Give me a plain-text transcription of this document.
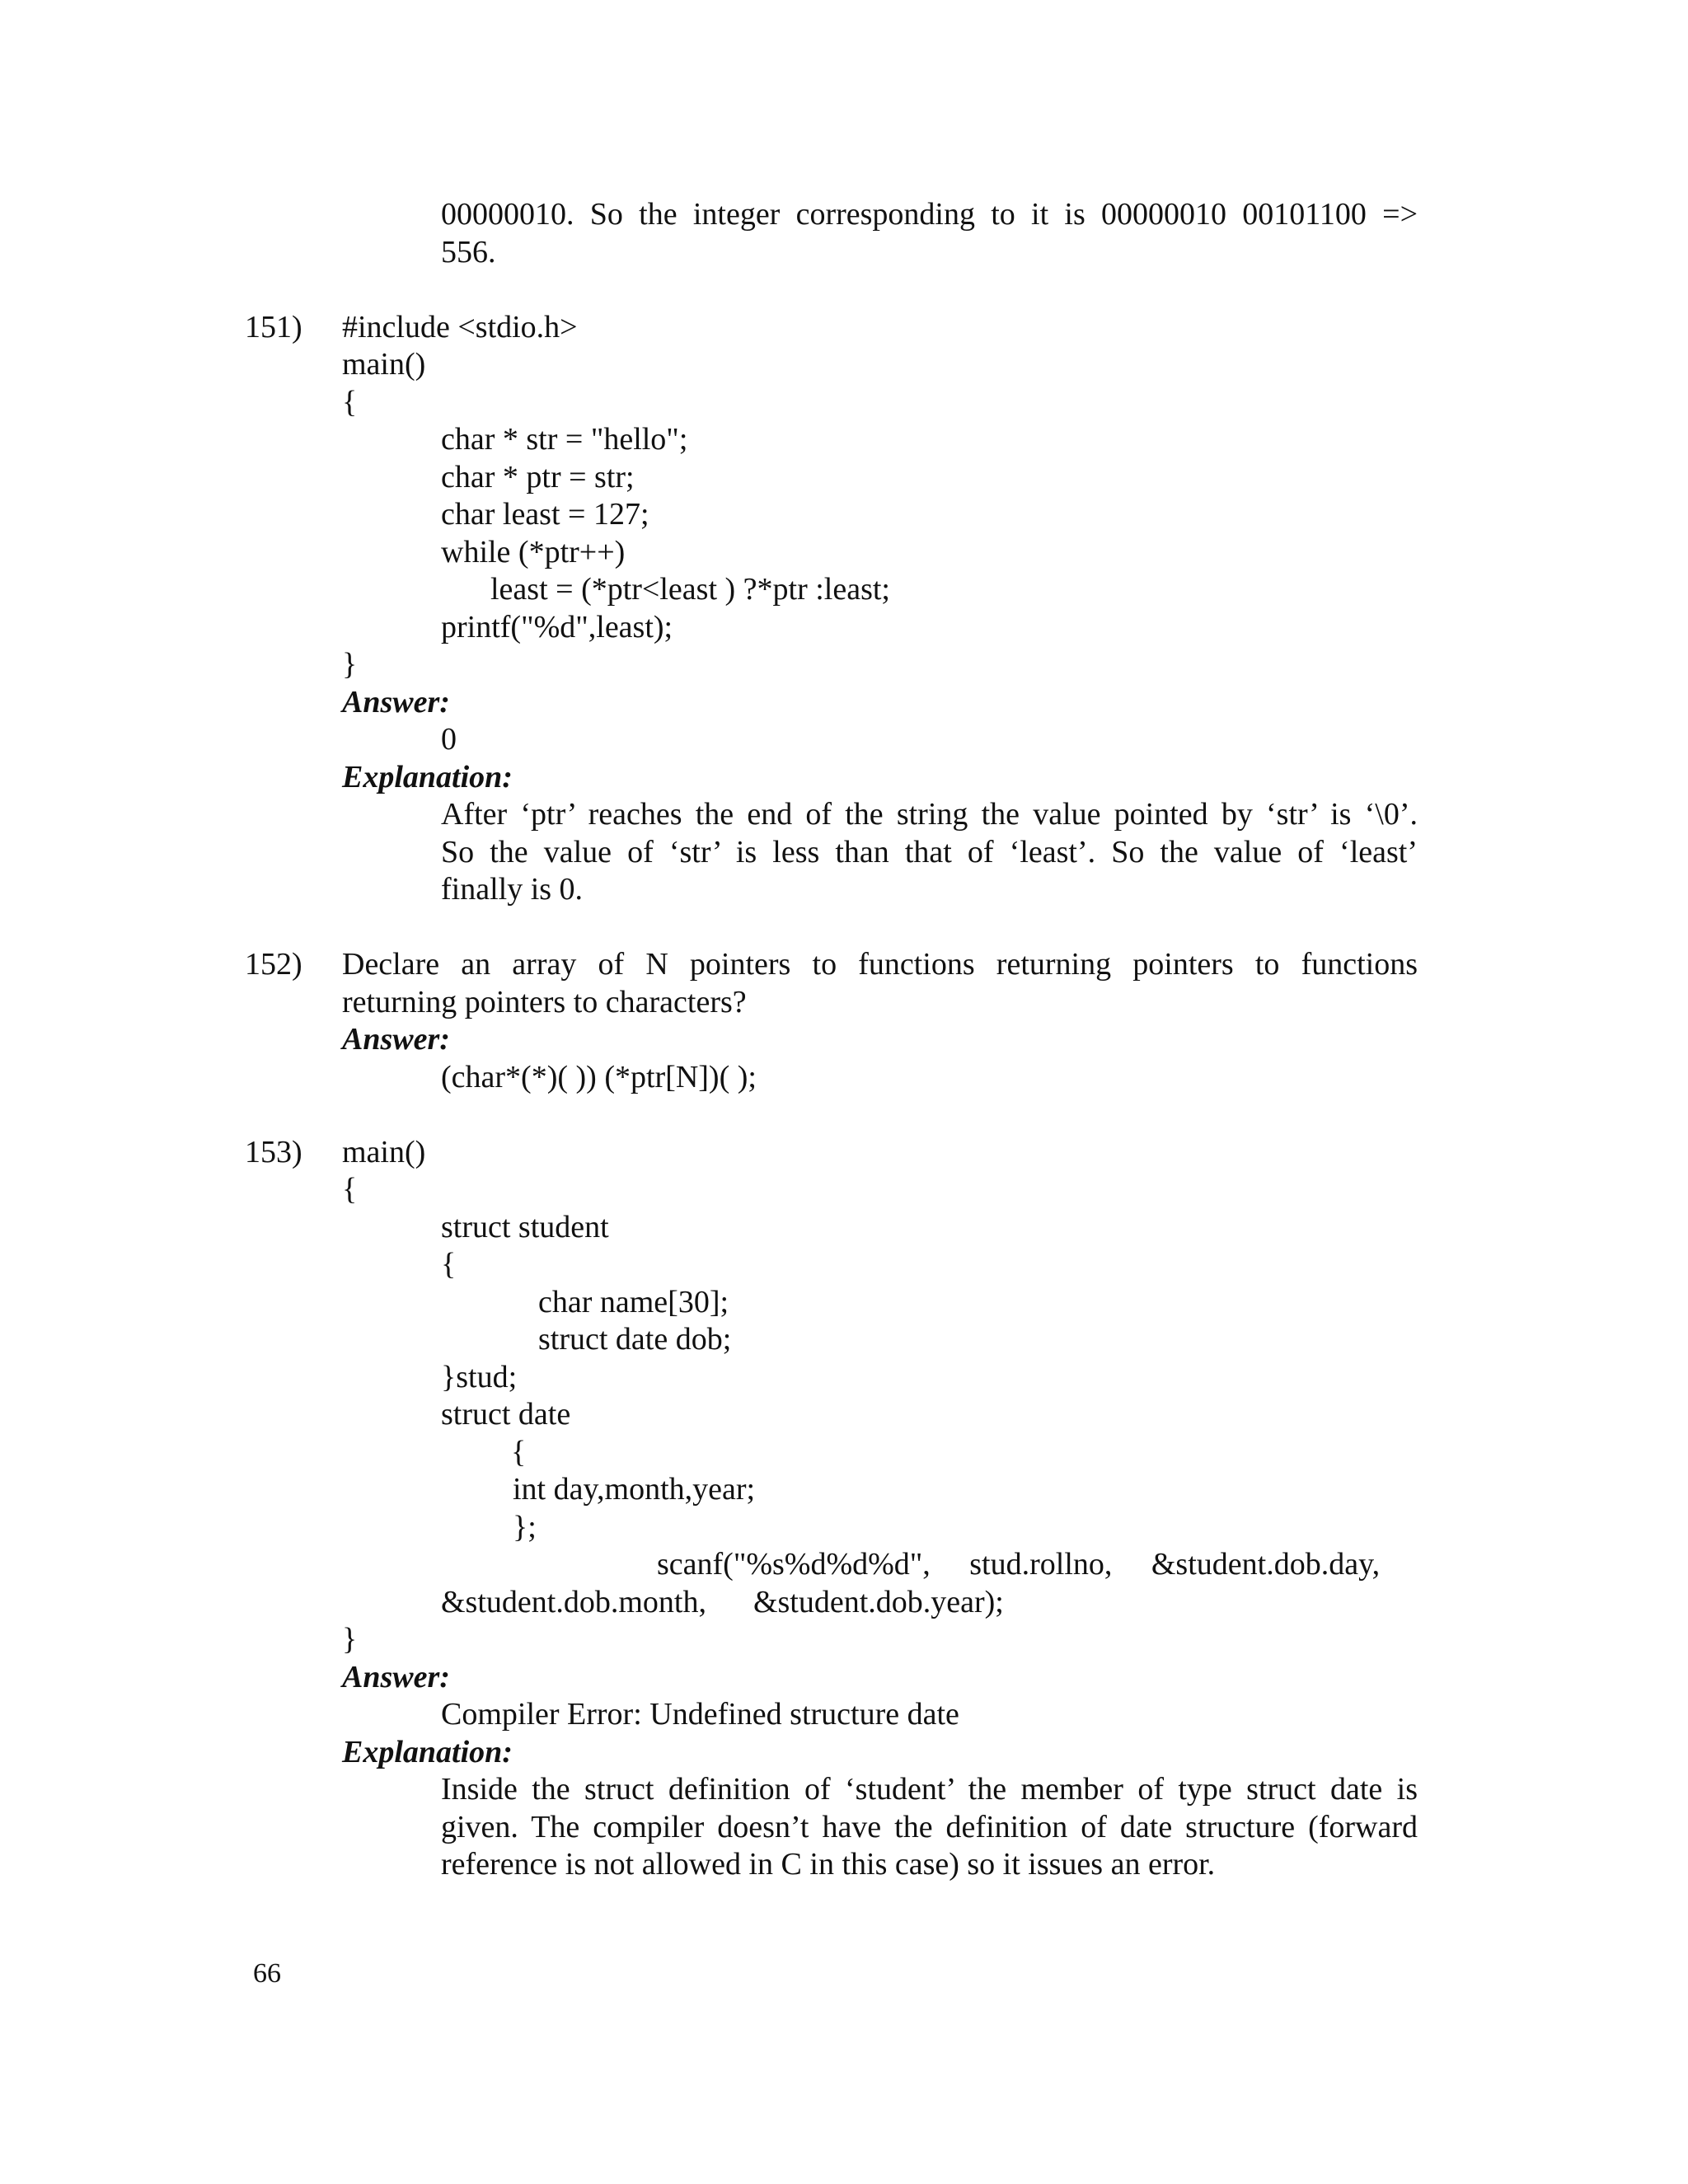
00000010. So the integer corresponding to it is 00000010 00101100 =>
556.
151) #include <stdio.h>
main()
{
char * str = "hello";
char * ptr = str;
char least = 127;
while (*ptr++)
least = (*ptr<least ) ?*ptr :least;
printf("%d",least);
}
Answer:
0
Explanation:
After ‘ptr’ reaches the end of the string the value pointed by ‘str’ is ‘\0’.
So the value of ‘str’ is less than that of ‘least’. So the value of ‘least’
finally is 0.
152) Declare an array of N pointers to functions returning pointers to functions
returning pointers to characters?
Answer:
(char*(*)( )) (*ptr[N])( );
153) main()
{
struct student
{
char name[30];
struct date dob;
}stud;
struct date
{
int day,month,year;
};
scanf("%s%d%d%d",     stud.rollno,     &student.dob.day,
&student.dob.month,      &student.dob.year);
}
Answer:
Compiler Error: Undefined structure date
Explanation:
Inside the struct definition of ‘student’ the member of type struct date is
given. The compiler doesn’t have the definition of date structure (forward
reference is not allowed in C in this case) so it issues an error.
66
